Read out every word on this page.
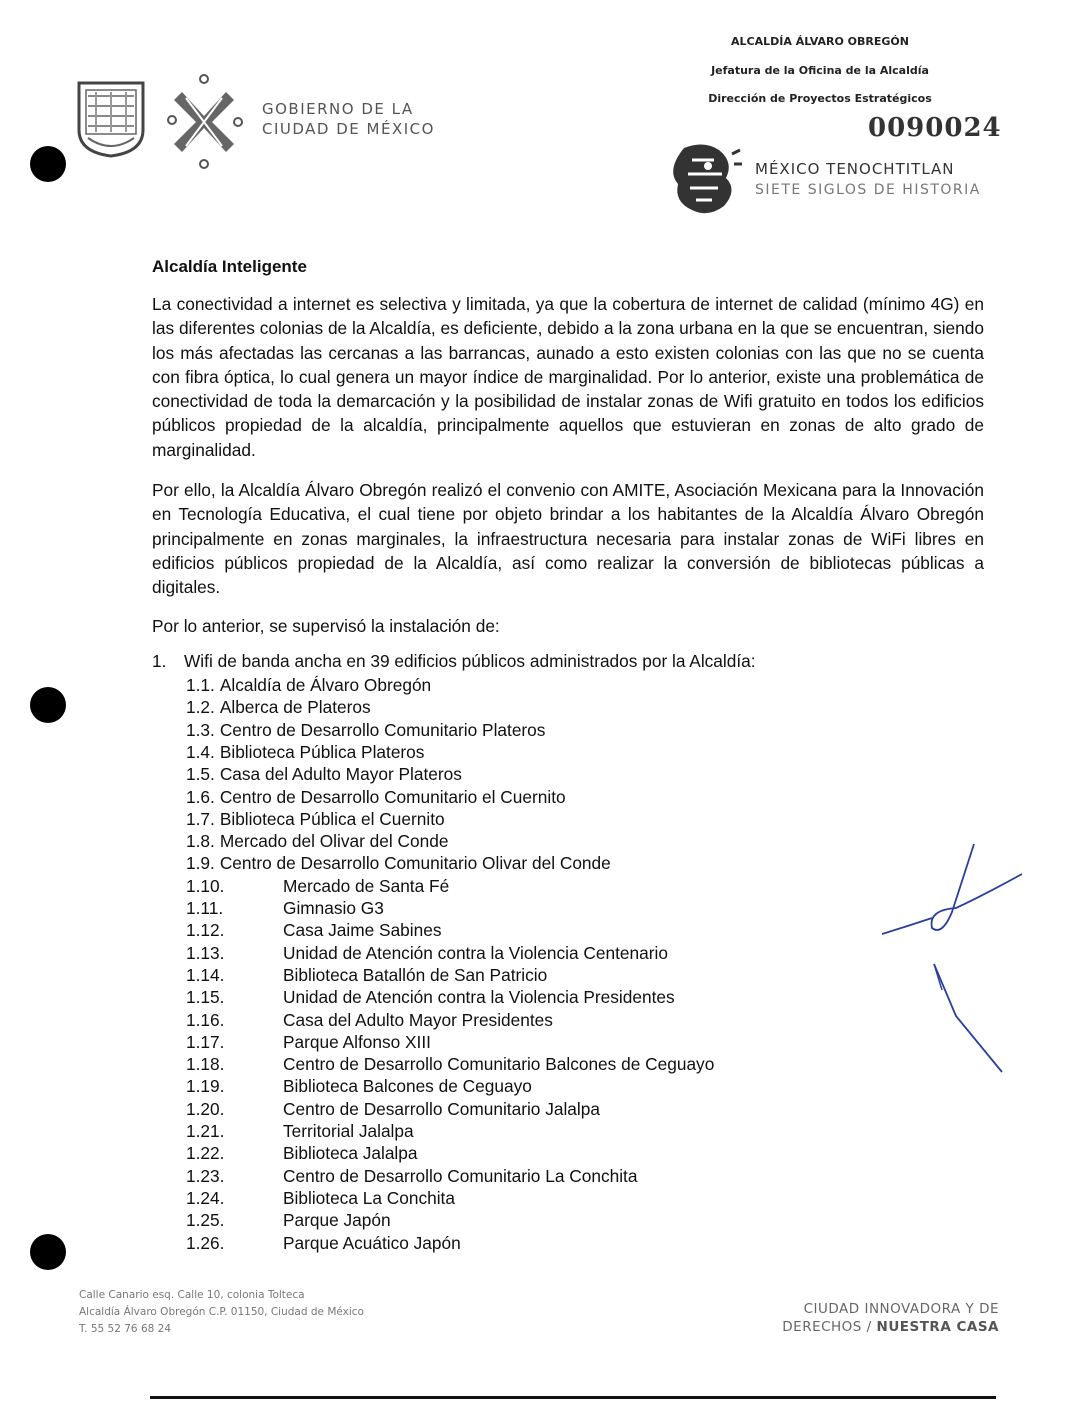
GOBIERNO DE LA
CIUDAD DE MÉXICO
ALCALDÍA ÁLVARO OBREGÓN
Jefatura de la Oficina de la Alcaldía
Dirección de Proyectos Estratégicos
0090024
MÉXICO TENOCHTITLAN
SIETE SIGLOS DE HISTORIA
Alcaldía Inteligente
La conectividad a internet es selectiva y limitada, ya que la cobertura de internet de calidad (mínimo 4G) en las diferentes colonias de la Alcaldía, es deficiente, debido a la zona urbana en la que se encuentran, siendo los más afectadas las cercanas a las barrancas, aunado a esto existen colonias con las que no se cuenta con fibra óptica, lo cual genera un mayor índice de marginalidad. Por lo anterior, existe una problemática de conectividad de toda la demarcación y la posibilidad de instalar zonas de Wifi gratuito en todos los edificios públicos propiedad de la alcaldía, principalmente aquellos que estuvieran en zonas de alto grado de marginalidad.
Por ello, la Alcaldía Álvaro Obregón realizó el convenio con AMITE, Asociación Mexicana para la Innovación en Tecnología Educativa, el cual tiene por objeto brindar a los habitantes de la Alcaldía Álvaro Obregón principalmente en zonas marginales, la infraestructura necesaria para instalar zonas de WiFi libres en edificios públicos propiedad de la Alcaldía, así como realizar la conversión de bibliotecas públicas a digitales.
Por lo anterior, se supervisó la instalación de:
1. Wifi de banda ancha en 39 edificios públicos administrados por la Alcaldía:
1.1. Alcaldía de Álvaro Obregón
1.2. Alberca de Plateros
1.3. Centro de Desarrollo Comunitario Plateros
1.4. Biblioteca Pública Plateros
1.5. Casa del Adulto Mayor Plateros
1.6. Centro de Desarrollo Comunitario el Cuernito
1.7. Biblioteca Pública el Cuernito
1.8. Mercado del Olivar del Conde
1.9. Centro de Desarrollo Comunitario Olivar del Conde
1.10.	Mercado de Santa Fé
1.11.	Gimnasio G3
1.12.	Casa Jaime Sabines
1.13.	Unidad de Atención contra la Violencia Centenario
1.14.	Biblioteca Batallón de San Patricio
1.15.	Unidad de Atención contra la Violencia Presidentes
1.16.	Casa del Adulto Mayor Presidentes
1.17.	Parque Alfonso XIII
1.18.	Centro de Desarrollo Comunitario Balcones de Ceguayo
1.19.	Biblioteca Balcones de Ceguayo
1.20.	Centro de Desarrollo Comunitario Jalalpa
1.21.	Territorial Jalalpa
1.22.	Biblioteca Jalalpa
1.23.	Centro de Desarrollo Comunitario La Conchita
1.24.	Biblioteca La Conchita
1.25.	Parque Japón
1.26.	Parque Acuático Japón
Calle Canario esq. Calle 10, colonia Tolteca
Alcaldía Álvaro Obregón C.P. 01150, Ciudad de México
T. 55 52 76 68 24
CIUDAD INNOVADORA Y DE
DERECHOS / NUESTRA CASA
